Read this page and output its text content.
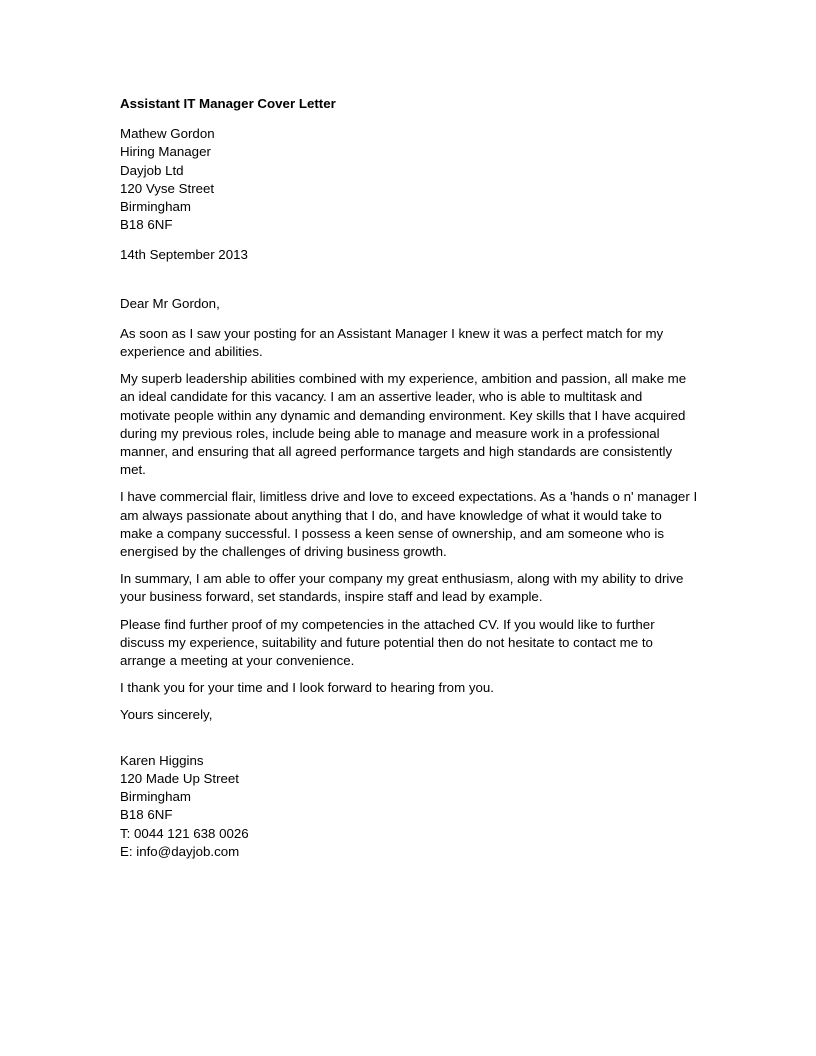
Assistant IT Manager Cover Letter
Mathew Gordon
Hiring Manager
Dayjob Ltd
120 Vyse Street
Birmingham
B18 6NF
14th September 2013
Dear Mr Gordon,
As soon as I saw your posting for an Assistant Manager I knew it was a perfect match for my
experience and abilities.
My superb leadership abilities combined with my experience, ambition and passion, all make me
an ideal candidate for this vacancy. I am an assertive leader, who is able to multitask and
motivate people within any dynamic and demanding environment. Key skills that I have acquired
during my previous roles, include being able to manage and measure work in a professional
manner, and ensuring that all agreed performance targets and high standards are consistently
met.
I have commercial flair, limitless drive and love to exceed expectations. As a 'hands o n' manager I
am always passionate about anything that I do, and have knowledge of what it would take to
make a company successful. I possess a keen sense of ownership, and am someone who is
energised by the challenges of driving business growth.
In summary, I am able to offer your company my great enthusiasm, along with my ability to drive
your business forward, set standards, inspire staff and lead by example.
Please find further proof of my competencies in the attached CV. If you would like to further
discuss my experience, suitability and future potential then do not hesitate to contact me to
arrange a meeting at your convenience.
I thank you for your time and I look forward to hearing from you.
Yours sincerely,
Karen Higgins
120 Made Up Street
Birmingham
B18 6NF
T: 0044 121 638 0026
E: info@dayjob.com
